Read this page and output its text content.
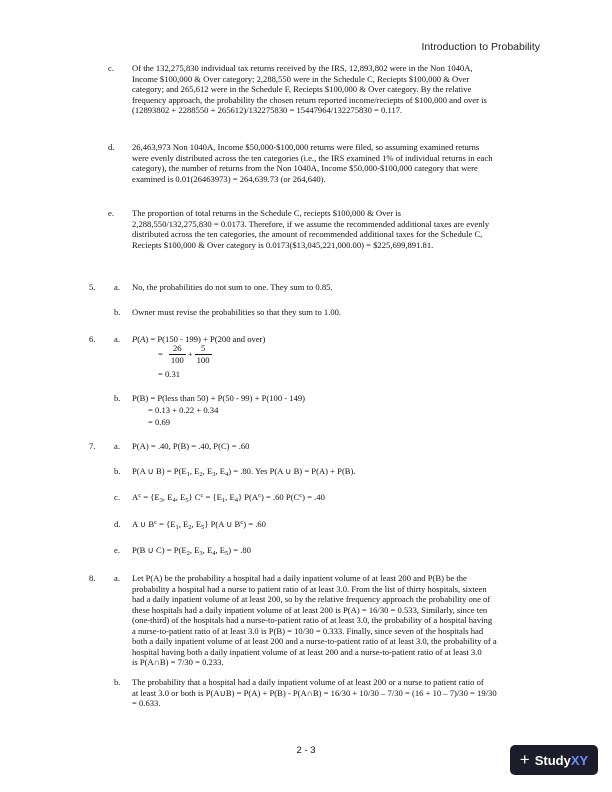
Introduction to Probability
c. Of the 132,275,830 individual tax returns received by the IRS, 12,893,802 were in the Non 1040A,
Income $100,000 & Over category; 2,288,550 were in the Schedule C, Reciepts $100,000 & Over
category; and 265,612 were in the Schedule F, Reciepts $100,000 & Over category. By the relative
frequency approach, the probability the chosen return reported income/reciepts of $100,000 and over is
(12893802 + 2288550 + 265612)/132275830 = 15447964/132275830 = 0.117.
d. 26,463,973 Non 1040A, Income $50,000-$100,000 returns were filed, so assuming examined returns
were evenly distributed across the ten categories (i.e., the IRS examined 1% of individual returns in each
category), the number of returns from the Non 1040A, Income $50,000-$100,000 category that were
examined is 0.01(26463973) = 264,639.73 (or 264,640).
e. The proportion of total returns in the Schedule C, reciepts $100,000 & Over is
2,288,550/132,275,830 = 0.0173. Therefore, if we assume the recommended additional taxes are evenly
distributed across the ten categories, the amount of recommended additional taxes for the Schedule C,
Reciepts $100,000 & Over category is 0.0173($13,045,221,000.00) = $225,699,891.81.
5. a. No, the probabilities do not sum to one. They sum to 0.85.
b. Owner must revise the probabilities so that they sum to 1.00.
6. a. P(A) = P(150 - 199) + P(200 and over)
= $\frac{26}{100} + \frac{5}{100}$
= 0.31
b. P(B) = P(less than 50) + P(50 - 99) + P(100 - 149)
= 0.13 + 0.22 + 0.34
= 0.69
7. a. P(A) = .40, P(B) = .40, P(C) = .60
b. P(A ∪ $B) = P(E_1$, $E_2$, $E_3$, $E_4) = .80$. Yes P(A ∪ B) = P(A) + P(B).
c. $A^c = \{E_3$, $E_4$, $E_5$} $C^c = \{E_1$, $E_4$} $P(A^c) = .60$ $P(C^c) = .40$
d. A ∪ $B^c = \{E_1$, $E_2$, $E_5$} P(A ∪ $B^c) = .60$
e. P(B ∪ $C) = P(E_2$, $E_3$, $E_4$, $E_5) = .80$
8. a. Let P(A) be the probability a hospital had a daily inpatient volume of at least 200 and P(B) be the
probability a hospital had a nurse to patient ratio of at least 3.0. From the list of thirty hospitals, sixteen
had a daily inpatient volume of at least 200, so by the relative frequency approach the probability one of
these hospitals had a daily inpatient volume of at least 200 is P(A) = 16/30 = 0.533, Similarly, since ten
(one-third) of the hospitals had a nurse-to-patient ratio of at least 3.0, the probability of a hospital having
a nurse-to-patient ratio of at least 3.0 is P(B) = 10/30 = 0.333. Finally, since seven of the hospitals had
both a daily inpatient volume of at least 200 and a nurse-to-patient ratio of at least 3.0, the probability of a
hospital having both a daily inpatient volume of at least 200 and a nurse-to-patient ratio of at least 3.0
is P(A∩B) = 7/30 = 0.233.
b. The probability that a hospital had a daily inpatient volume of at least 200 or a nurse to patient ratio of
at least 3.0 or both is P(A∪B) = P(A) + P(B) - P(A∩B) = 16/30 + 10/30 – 7/30 = (16 + 10 – 7)/30 = 19/30
= 0.633.
2 - 3	+ Study XY
